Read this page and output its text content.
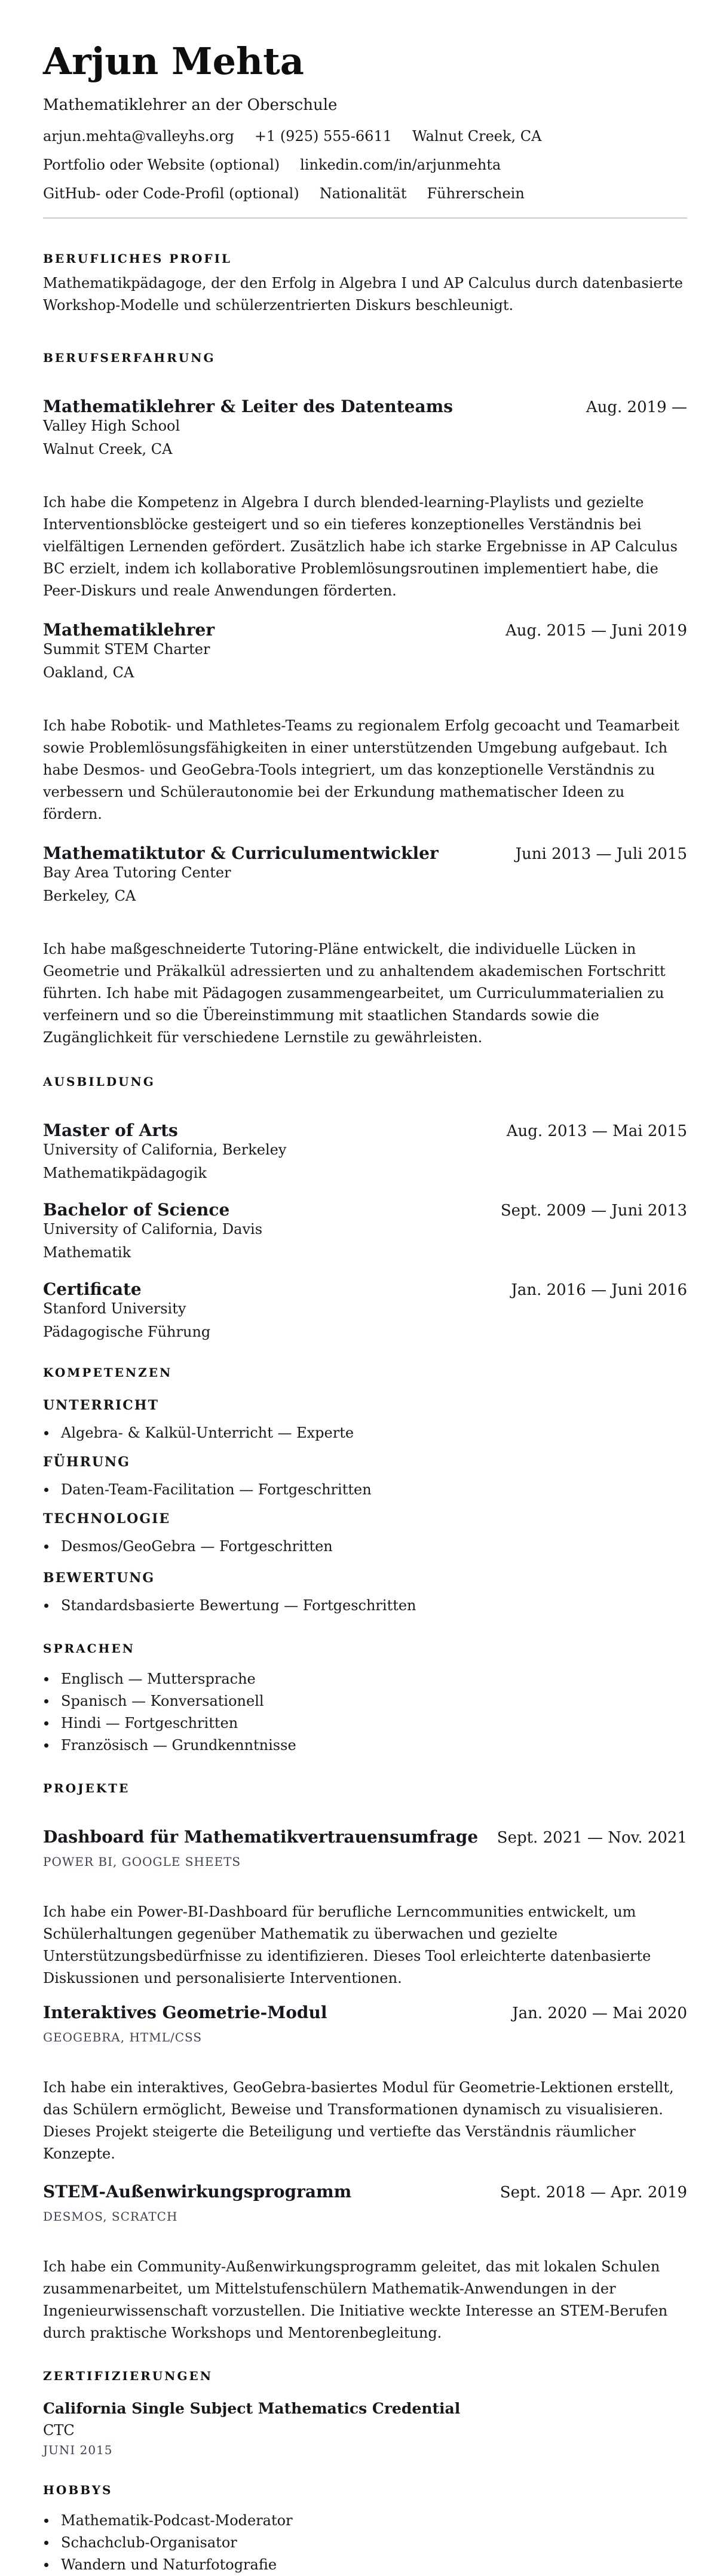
Arjun Mehta
Mathematiklehrer an der Oberschule
arjun.mehta@valleyhs.org +1 (925) 555-6611 Walnut Creek, CA
Portfolio oder Website (optional) linkedin.com/in/arjunmehta
GitHub- oder Code-Profil (optional) Nationalität Führerschein
BERUFLICHES PROFIL

Mathematikpädagoge, der den Erfolg in Algebra I und AP Calculus durch datenbasierte Workshop-Modelle und schülerzentrierten Diskurs beschleunigt.

BERUFSERFAHRUNG
Mathematiklehrer & Leiter des Datenteams	Aug. 2019 —
Valley High School
Walnut Creek, CA

Ich habe die Kompetenz in Algebra I durch blended-learning-Playlists und gezielte Interventionsblöcke gesteigert und so ein tieferes konzeptionelles Verständnis bei vielfältigen Lernenden gefördert. Zusätzlich habe ich starke Ergebnisse in AP Calculus BC erzielt, indem ich kollaborative Problemlösungsroutinen implementiert habe, die Peer-Diskurs und reale Anwendungen förderten.

Mathematiklehrer	Aug. 2015 — Juni 2019
Summit STEM Charter
Oakland, CA

Ich habe Robotik- und Mathletes-Teams zu regionalem Erfolg gecoacht und Teamarbeit sowie Problemlösungsfähigkeiten in einer unterstützenden Umgebung aufgebaut. Ich habe Desmos- und GeoGebra-Tools integriert, um das konzeptionelle Verständnis zu verbessern und Schülerautonomie bei der Erkundung mathematischer Ideen zu fördern.

Mathematiktutor & Curriculumentwickler	Juni 2013 — Juli 2015
Bay Area Tutoring Center
Berkeley, CA

Ich habe maßgeschneiderte Tutoring-Pläne entwickelt, die individuelle Lücken in Geometrie und Präkalkül adressierten und zu anhaltendem akademischen Fortschritt führten. Ich habe mit Pädagogen zusammengearbeitet, um Curriculummaterialien zu verfeinern und so die Übereinstimmung mit staatlichen Standards sowie die Zugänglichkeit für verschiedene Lernstile zu gewährleisten.

AUSBILDUNG
Master of Arts	Aug. 2013 — Mai 2015
University of California, Berkeley
Mathematikpädagogik
Bachelor of Science	Sept. 2009 — Juni 2013
University of California, Davis
Mathematik
Certificate	Jan. 2016 — Juni 2016
Stanford University
Pädagogische Führung
KOMPETENZEN
UNTERRICHT
Algebra- & Kalkül-Unterricht — Experte
FÜHRUNG
Daten-Team-Facilitation — Fortgeschritten
TECHNOLOGIE
Desmos/GeoGebra — Fortgeschritten
BEWERTUNG
Standardsbasierte Bewertung — Fortgeschritten
SPRACHEN
Englisch — Muttersprache
Spanisch — Konversationell
Hindi — Fortgeschritten
Französisch — Grundkenntnisse
PROJEKTE
Dashboard für Mathematikvertrauensumfrage Sept. 2021 — Nov. 2021
POWER BI, GOOGLE SHEETS

Ich habe ein Power-BI-Dashboard für berufliche Lerncommunities entwickelt, um Schülerhaltungen gegenüber Mathematik zu überwachen und gezielte Unterstützungsbedürfnisse zu identifizieren. Dieses Tool erleichterte datenbasierte Diskussionen und personalisierte Interventionen.

Interaktives Geometrie-Modul	Jan. 2020 — Mai 2020
GEOGEBRA, HTML/CSS

Ich habe ein interaktives, GeoGebra-basiertes Modul für Geometrie-Lektionen erstellt, das Schülern ermöglicht, Beweise und Transformationen dynamisch zu visualisieren. Dieses Projekt steigerte die Beteiligung und vertiefte das Verständnis räumlicher Konzepte.

STEM-Außenwirkungsprogramm	Sept. 2018 — Apr. 2019
DESMOS, SCRATCH

Ich habe ein Community-Außenwirkungsprogramm geleitet, das mit lokalen Schulen zusammenarbeitet, um Mittelstufenschülern Mathematik-Anwendungen in der Ingenieurwissenschaft vorzustellen. Die Initiative weckte Interesse an STEM-Berufen durch praktische Workshops und Mentorenbegleitung.

ZERTIFIZIERUNGEN
California Single Subject Mathematics Credential
CTC
JUNI 2015
HOBBYS
Mathematik-Podcast-Moderator
Schachclub-Organisator
Wandern und Naturfotografie
